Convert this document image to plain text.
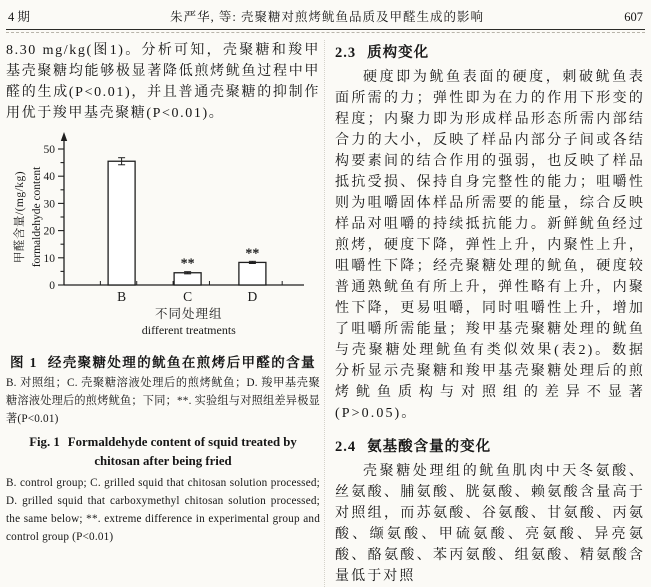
4 期	朱严华, 等: 壳聚糖对煎烤鱿鱼品质及甲醛生成的影响	607

8.30 mg/kg(图1)。分析可知，壳聚糖和羧甲基壳聚糖均能够极显著降低煎烤鱿鱼过程中甲醛的生成(P<0.01)，并且普通壳聚糖的抑制作用优于羧甲基壳聚糖(P<0.01)。

0
10
20
30
40
50
B
**
C
**
D
不同处理组
different treatments
甲醛含量/(mg/kg) formaldehyde content
图 1 经壳聚糖处理的鱿鱼在煎烤后甲醛的含量

B. 对照组；C. 壳聚糖溶液处理后的煎烤鱿鱼；D. 羧甲基壳聚糖溶液处理后的煎烤鱿鱼；下同；**. 实验组与对照组差异极显著(P<0.01)

Fig. 1 Formaldehyde content of squid treated by
chitosan after being fried

B. control group; C. grilled squid that chitosan solution processed; D. grilled squid that carboxymethyl chitosan solution processed; the same below; **. extreme difference in experimental group and control group (P<0.01)

2.3 质构变化

硬度即为鱿鱼表面的硬度，刺破鱿鱼表面所需的力；弹性即为在力的作用下形变的程度；内聚力即为形成样品形态所需内部结合力的大小，反映了样品内部分子间或各结构要素间的结合作用的强弱，也反映了样品抵抗受损、保持自身完整性的能力；咀嚼性则为咀嚼固体样品所需要的能量，综合反映样品对咀嚼的持续抵抗能力。新鲜鱿鱼经过煎烤，硬度下降，弹性上升，内聚性上升，咀嚼性下降；经壳聚糖处理的鱿鱼，硬度较普通熟鱿鱼有所上升，弹性略有上升，内聚性下降，更易咀嚼，同时咀嚼性上升，增加了咀嚼所需能量；羧甲基壳聚糖处理的鱿鱼与壳聚糖处理鱿鱼有类似效果(表2)。数据分析显示壳聚糖和羧甲基壳聚糖处理后的煎烤鱿鱼质构与对照组的差异不显著(P>0.05)。

2.4 氨基酸含量的变化

壳聚糖处理组的鱿鱼肌肉中天冬氨酸、丝氨酸、脯氨酸、胱氨酸、赖氨酸含量高于对照组，而苏氨酸、谷氨酸、甘氨酸、丙氨酸、缬氨酸、甲硫氨酸、亮氨酸、异亮氨酸、酪氨酸、苯丙氨酸、组氨酸、精氨酸含量低于对照
